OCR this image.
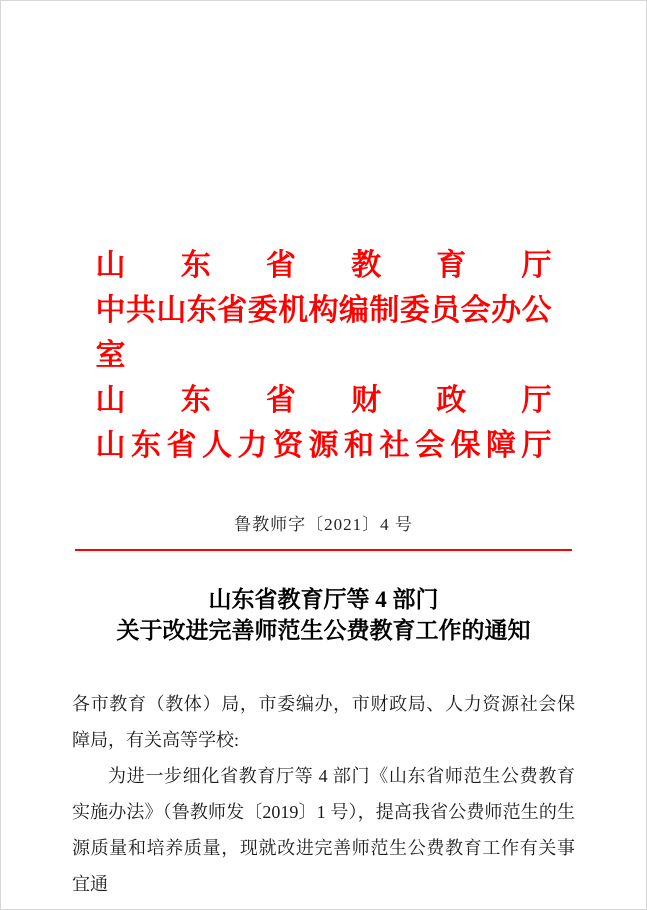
山东省教育厅
中共山东省委机构编制委员会办公室
山东省财政厅
山东省人力资源和社会保障厅
鲁教师字〔2021〕4 号
山东省教育厅等 4 部门
关于改进完善师范生公费教育工作的通知

各市教育（教体）局，市委编办，市财政局、人力资源社会保障局，有关高等学校:

为进一步细化省教育厅等 4 部门《山东省师范生公费教育实施办法》（鲁教师发〔2019〕1 号），提高我省公费师范生的生源质量和培养质量，现就改进完善师范生公费教育工作有关事宜通
